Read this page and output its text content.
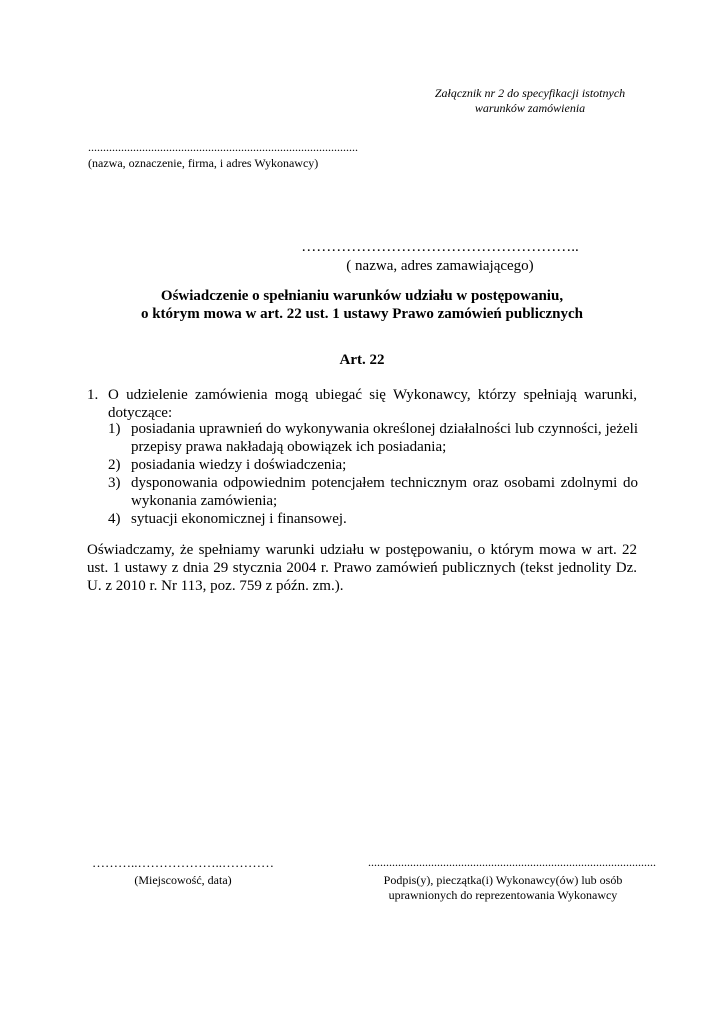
Załącznik nr 2 do specyfikacji istotnych
warunków zamówienia
..........................................................................................
(nazwa, oznaczenie, firma, i adres Wykonawcy)
………………………………………………..
( nazwa, adres zamawiającego)
Oświadczenie o spełnianiu warunków udziału w postępowaniu,
o którym mowa w art. 22 ust. 1 ustawy Prawo zamówień publicznych
Art. 22
1. O udzielenie zamówienia mogą ubiegać się Wykonawcy, którzy spełniają warunki, dotyczące:
1) posiadania uprawnień do wykonywania określonej działalności lub czynności, jeżeli przepisy prawa nakładają obowiązek ich posiadania;
2) posiadania wiedzy i doświadczenia;
3) dysponowania odpowiednim potencjałem technicznym oraz osobami zdolnymi do wykonania zamówienia;
4) sytuacji ekonomicznej i finansowej.
Oświadczamy, że spełniamy warunki udziału w postępowaniu, o którym mowa w art. 22 ust. 1 ustawy z dnia 29 stycznia 2004 r. Prawo zamówień publicznych (tekst jednolity Dz. U. z 2010 r. Nr 113, poz. 759 z późn. zm.).
………..………………..…………
(Miejscowość, data)
................................................................................................
Podpis(y), pieczątka(i) Wykonawcy(ów) lub osób
uprawnionych do reprezentowania Wykonawcy
